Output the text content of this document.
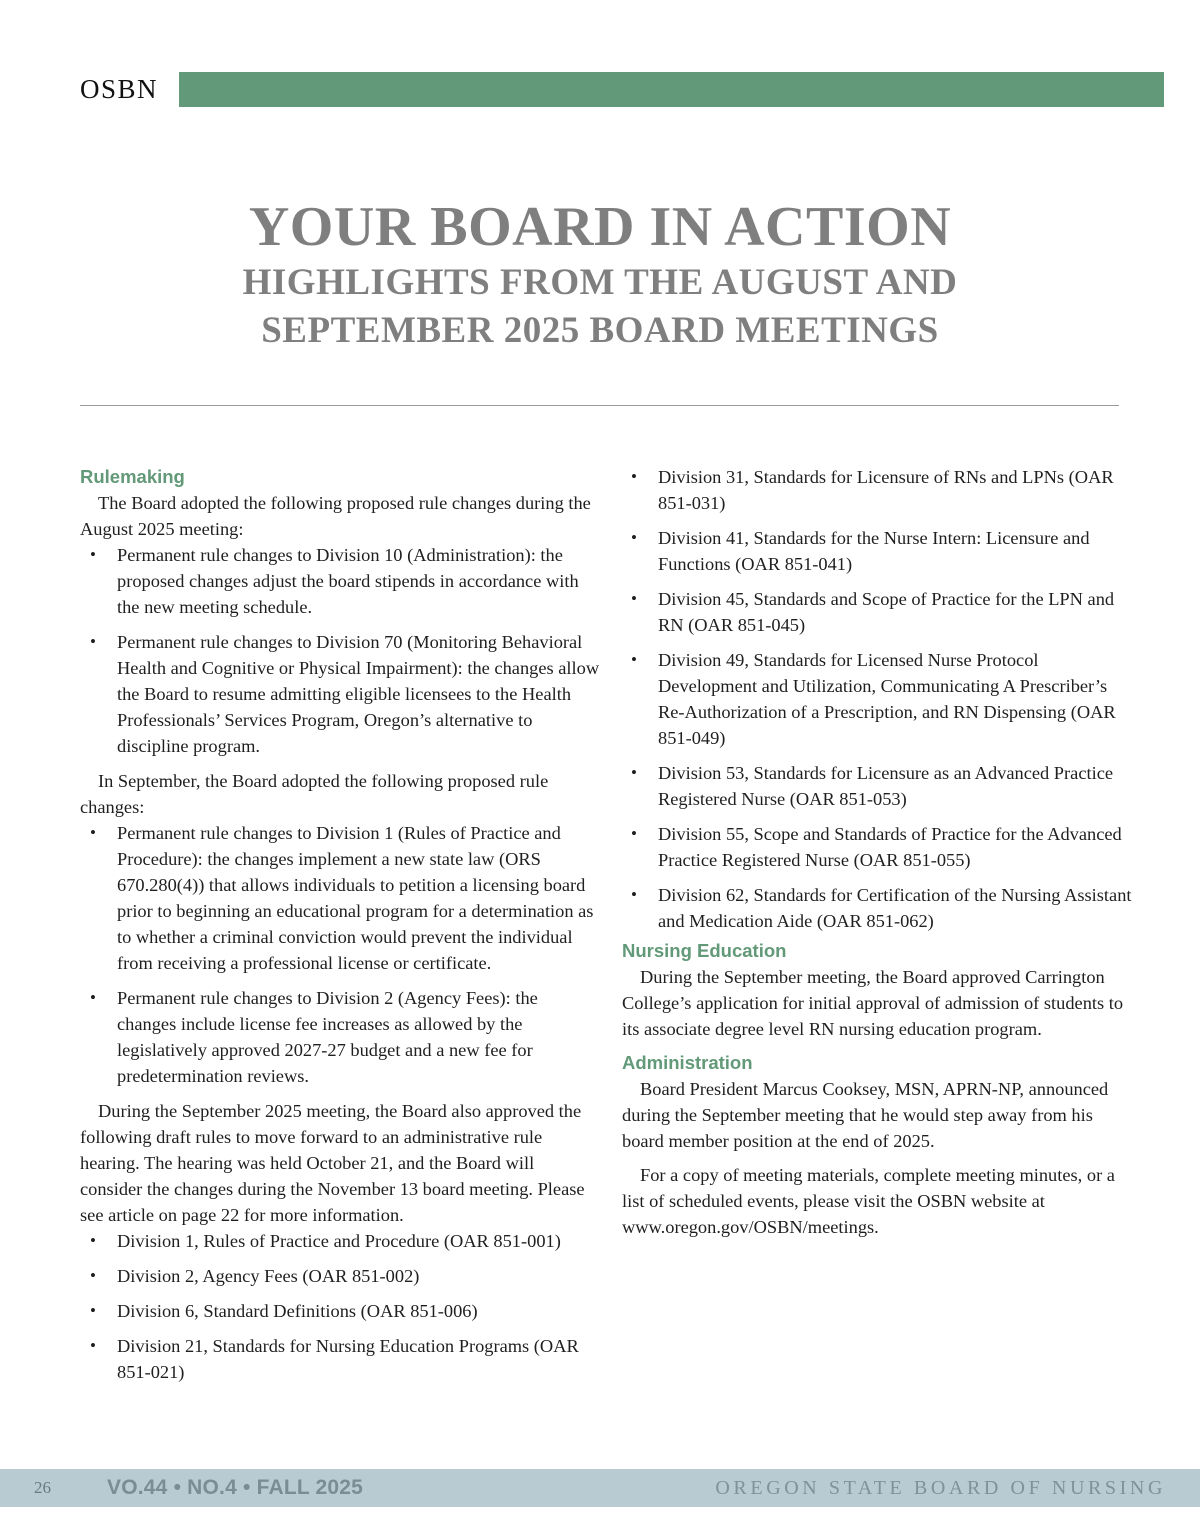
OSBN
YOUR BOARD IN ACTION
HIGHLIGHTS FROM THE AUGUST AND
SEPTEMBER 2025 BOARD MEETINGS
Rulemaking

The Board adopted the following proposed rule changes during the August 2025 meeting:

• Permanent rule changes to Division 10 (Administration): the proposed changes adjust the board stipends in accordance with the new meeting schedule.
• Permanent rule changes to Division 70 (Monitoring Behavioral Health and Cognitive or Physical Impairment): the changes allow the Board to resume admitting eligible licensees to the Health Professionals’ Services Program, Oregon’s alternative to discipline program.

In September, the Board adopted the following proposed rule changes:

• Permanent rule changes to Division 1 (Rules of Practice and Procedure): the changes implement a new state law (ORS 670.280(4)) that allows individuals to petition a licensing board prior to beginning an educational program for a determination as to whether a criminal conviction would prevent the individual from receiving a professional license or certificate.
• Permanent rule changes to Division 2 (Agency Fees): the changes include license fee increases as allowed by the legislatively approved 2027-27 budget and a new fee for predetermination reviews.

During the September 2025 meeting, the Board also approved the following draft rules to move forward to an administrative rule hearing. The hearing was held October 21, and the Board will consider the changes during the November 13 board meeting. Please see article on page 22 for more information.

• Division 1, Rules of Practice and Procedure (OAR 851-001)
• Division 2, Agency Fees (OAR 851-002)
• Division 6, Standard Definitions (OAR 851-006)
• Division 21, Standards for Nursing Education Programs (OAR 851-021)
• Division 31, Standards for Licensure of RNs and LPNs (OAR 851-031)
• Division 41, Standards for the Nurse Intern: Licensure and Functions (OAR 851-041)
• Division 45, Standards and Scope of Practice for the LPN and RN (OAR 851-045)
• Division 49, Standards for Licensed Nurse Protocol Development and Utilization, Communicating A Prescriber’s Re-Authorization of a Prescription, and RN Dispensing (OAR 851-049)
• Division 53, Standards for Licensure as an Advanced Practice Registered Nurse (OAR 851-053)
• Division 55, Scope and Standards of Practice for the Advanced Practice Registered Nurse (OAR 851-055)
• Division 62, Standards for Certification of the Nursing Assistant and Medication Aide (OAR 851-062)
Nursing Education

During the September meeting, the Board approved Carrington College’s application for initial approval of admission of students to its associate degree level RN nursing education program.

Administration

Board President Marcus Cooksey, MSN, APRN-NP, announced during the September meeting that he would step away from his board member position at the end of 2025.

For a copy of meeting materials, complete meeting minutes, or a list of scheduled events, please visit the OSBN website at www.oregon.gov/OSBN/meetings.

26	VO.44 • NO.4 • FALL 2025	OREGON STATE BOARD OF NURSING
